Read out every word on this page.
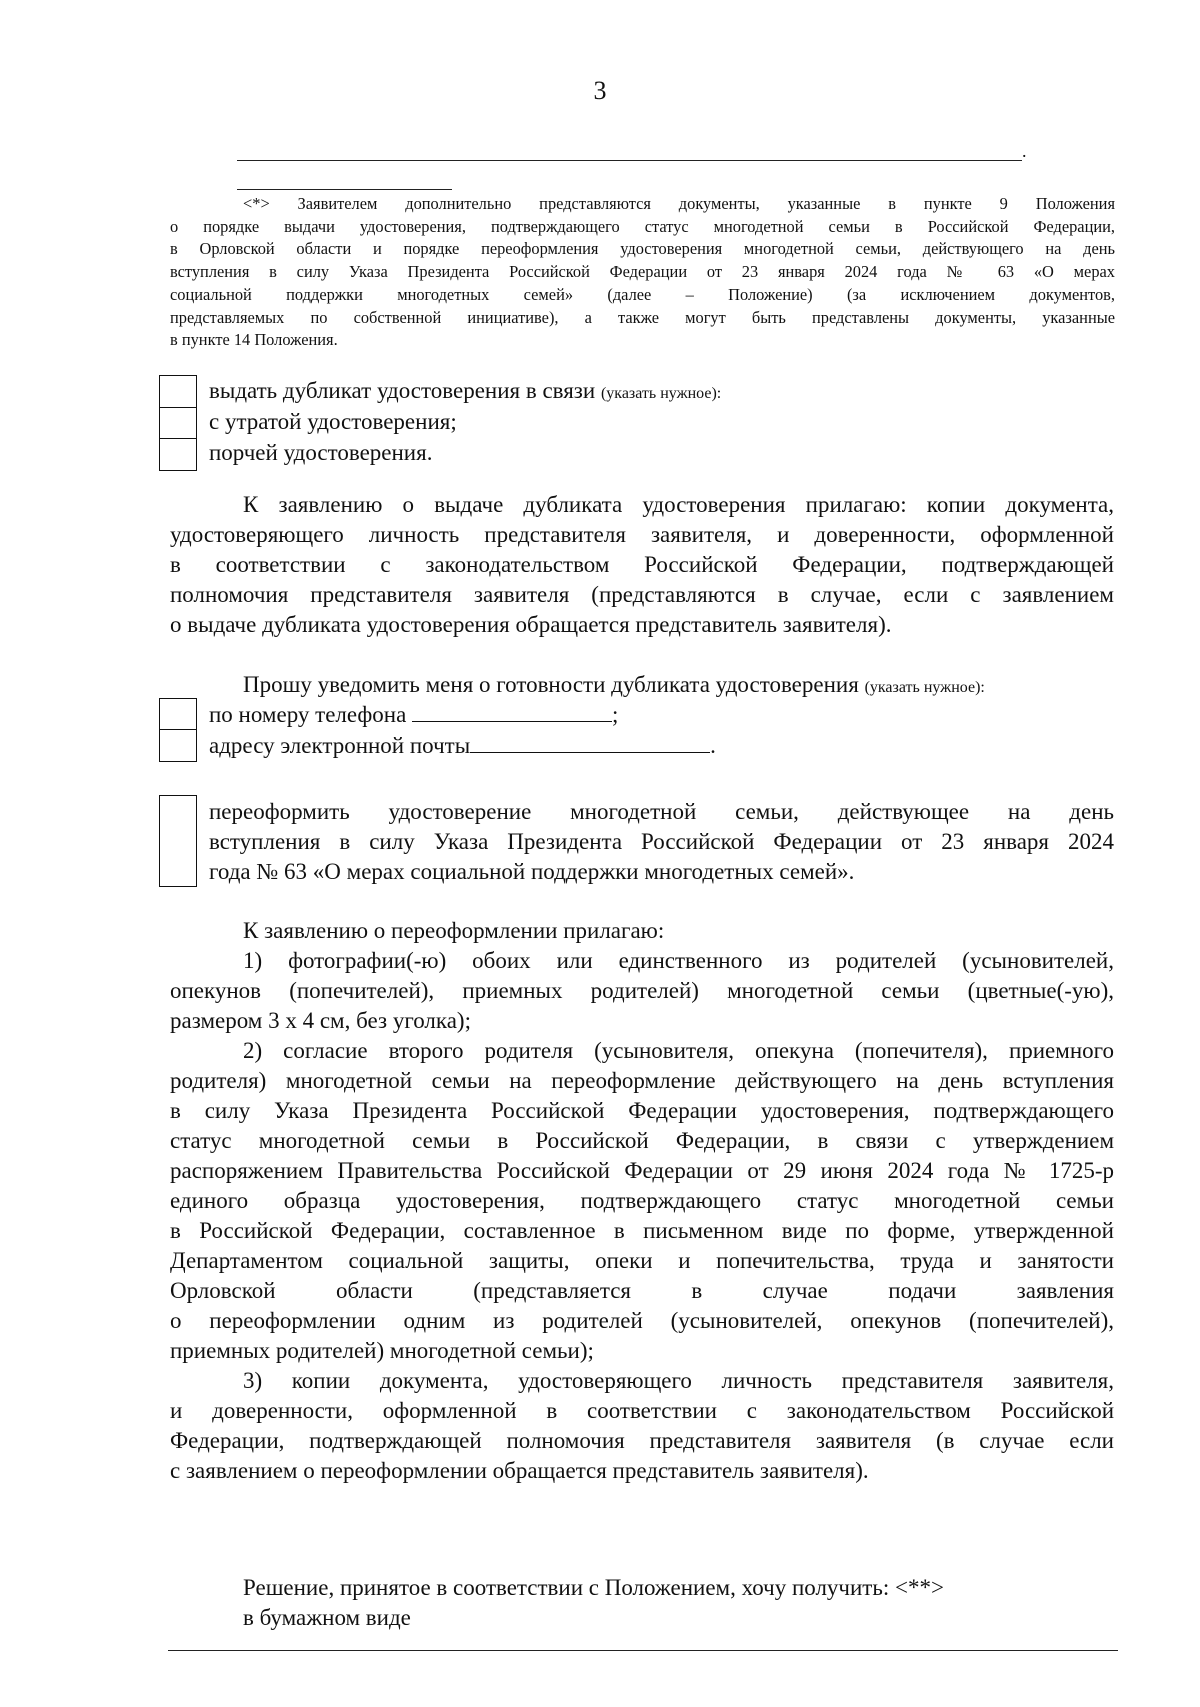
3
.
<*> Заявителем дополнительно представляются документы, указанные в пункте 9 Положения
о порядке выдачи удостоверения, подтверждающего статус многодетной семьи в Российской Федерации,
в Орловской области и порядке переоформления удостоверения многодетной семьи, действующего на день
вступления в силу Указа Президента Российской Федерации от 23 января 2024 года № 63 «О мерах
социальной поддержки многодетных семей» (далее – Положение) (за исключением документов,
представляемых по собственной инициативе), а также могут быть представлены документы, указанные
в пункте 14 Положения.
выдать дубликат удостоверения в связи (указать нужное):
с утратой удостоверения;
порчей удостоверения.
К заявлению о выдаче дубликата удостоверения прилагаю: копии документа,
удостоверяющего личность представителя заявителя, и доверенности, оформленной
в соответствии с законодательством Российской Федерации, подтверждающей
полномочия представителя заявителя (представляются в случае, если с заявлением
о выдаче дубликата удостоверения обращается представитель заявителя).
Прошу уведомить меня о готовности дубликата удостоверения (указать нужное):
по номеру телефона	;
адресу электронной почты	.
переоформить удостоверение многодетной семьи, действующее на день
вступления в силу Указа Президента Российской Федерации от 23 января 2024
года № 63 «О мерах социальной поддержки многодетных семей».
К заявлению о переоформлении прилагаю:
1) фотографии(-ю) обоих или единственного из родителей (усыновителей,
опекунов (попечителей), приемных родителей) многодетной семьи (цветные(-ую),
размером 3 х 4 см, без уголка);
2) согласие второго родителя (усыновителя, опекуна (попечителя), приемного
родителя) многодетной семьи на переоформление действующего на день вступления
в силу Указа Президента Российской Федерации удостоверения, подтверждающего
статус многодетной семьи в Российской Федерации, в связи с утверждением
распоряжением Правительства Российской Федерации от 29 июня 2024 года № 1725-р
единого образца удостоверения, подтверждающего статус многодетной семьи
в Российской Федерации, составленное в письменном виде по форме, утвержденной
Департаментом социальной защиты, опеки и попечительства, труда и занятости
Орловской области (представляется в случае подачи заявления
о переоформлении одним из родителей (усыновителей, опекунов (попечителей),
приемных родителей) многодетной семьи);
3) копии документа, удостоверяющего личность представителя заявителя,
и доверенности, оформленной в соответствии с законодательством Российской
Федерации, подтверждающей полномочия представителя заявителя (в случае если
с заявлением о переоформлении обращается представитель заявителя).
Решение, принятое в соответствии с Положением, хочу получить: <**>
в бумажном виде
